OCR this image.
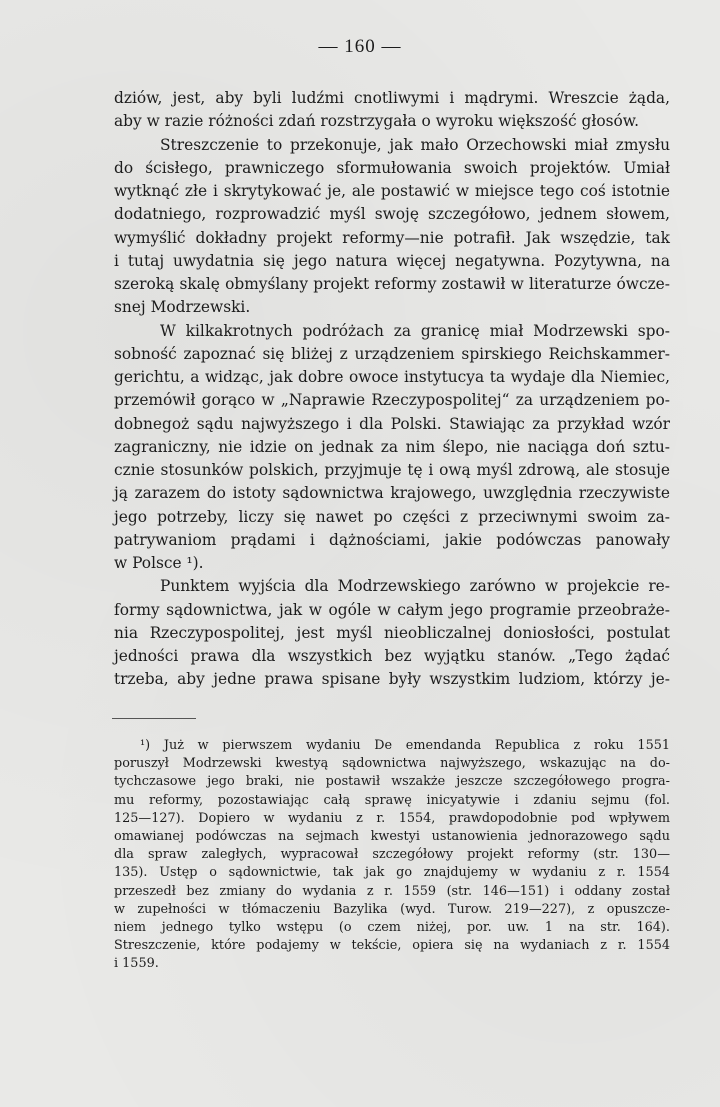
— 160 —
dziów, jest, aby byli ludźmi cnotliwymi i mądrymi. Wreszcie żąda,
aby w razie różności zdań rozstrzygała o wyroku większość głosów.
Streszczenie to przekonuje, jak mało Orzechowski miał zmysłu
do ścisłego, prawniczego sformułowania swoich projektów. Umiał
wytknąć złe i skrytykować je, ale postawić w miejsce tego coś istotnie
dodatniego, rozprowadzić myśl swoję szczegółowo, jednem słowem,
wymyślić dokładny projekt reformy—nie potrafił. Jak wszędzie, tak
i tutaj uwydatnia się jego natura więcej negatywna. Pozytywna, na
szeroką skalę obmyślany projekt reformy zostawił w literaturze ówcze-
snej Modrzewski.
W kilkakrotnych podróżach za granicę miał Modrzewski spo-
sobność zapoznać się bliżej z urządzeniem spirskiego Reichskammer-
gerichtu, a widząc, jak dobre owoce instytucya ta wydaje dla Niemiec,
przemówił gorąco w „Naprawie Rzeczypospolitej“ za urządzeniem po-
dobnegoż sądu najwyższego i dla Polski. Stawiając za przykład wzór
zagraniczny, nie idzie on jednak za nim ślepo, nie naciąga doń sztu-
cznie stosunków polskich, przyjmuje tę i ową myśl zdrową, ale stosuje
ją zarazem do istoty sądownictwa krajowego, uwzględnia rzeczywiste
jego potrzeby, liczy się nawet po części z przeciwnymi swoim za-
patrywaniom prądami i dążnościami, jakie podówczas panowały
w Polsce ¹).
Punktem wyjścia dla Modrzewskiego zarówno w projekcie re-
formy sądownictwa, jak w ogóle w całym jego programie przeobraże-
nia Rzeczypospolitej, jest myśl nieobliczalnej doniosłości, postulat
jedności prawa dla wszystkich bez wyjątku stanów. „Tego żądać
trzeba, aby jedne prawa spisane były wszystkim ludziom, którzy je-
¹) Już w pierwszem wydaniu De emendanda Republica z roku 1551
poruszył Modrzewski kwestyą sądownictwa najwyższego, wskazując na do-
tychczasowe jego braki, nie postawił wszakże jeszcze szczegółowego progra-
mu reformy, pozostawiając całą sprawę inicyatywie i zdaniu sejmu (fol.
125—127). Dopiero w wydaniu z r. 1554, prawdopodobnie pod wpływem
omawianej podówczas na sejmach kwestyi ustanowienia jednorazowego sądu
dla spraw zaległych, wypracował szczegółowy projekt reformy (str. 130—
135). Ustęp o sądownictwie, tak jak go znajdujemy w wydaniu z r. 1554
przeszedł bez zmiany do wydania z r. 1559 (str. 146—151) i oddany został
w zupełności w tłómaczeniu Bazylika (wyd. Turow. 219—227), z opuszcze-
niem jednego tylko wstępu (o czem niżej, por. uw. 1 na str. 164).
Streszczenie, które podajemy w tekście, opiera się na wydaniach z r. 1554
i 1559.
